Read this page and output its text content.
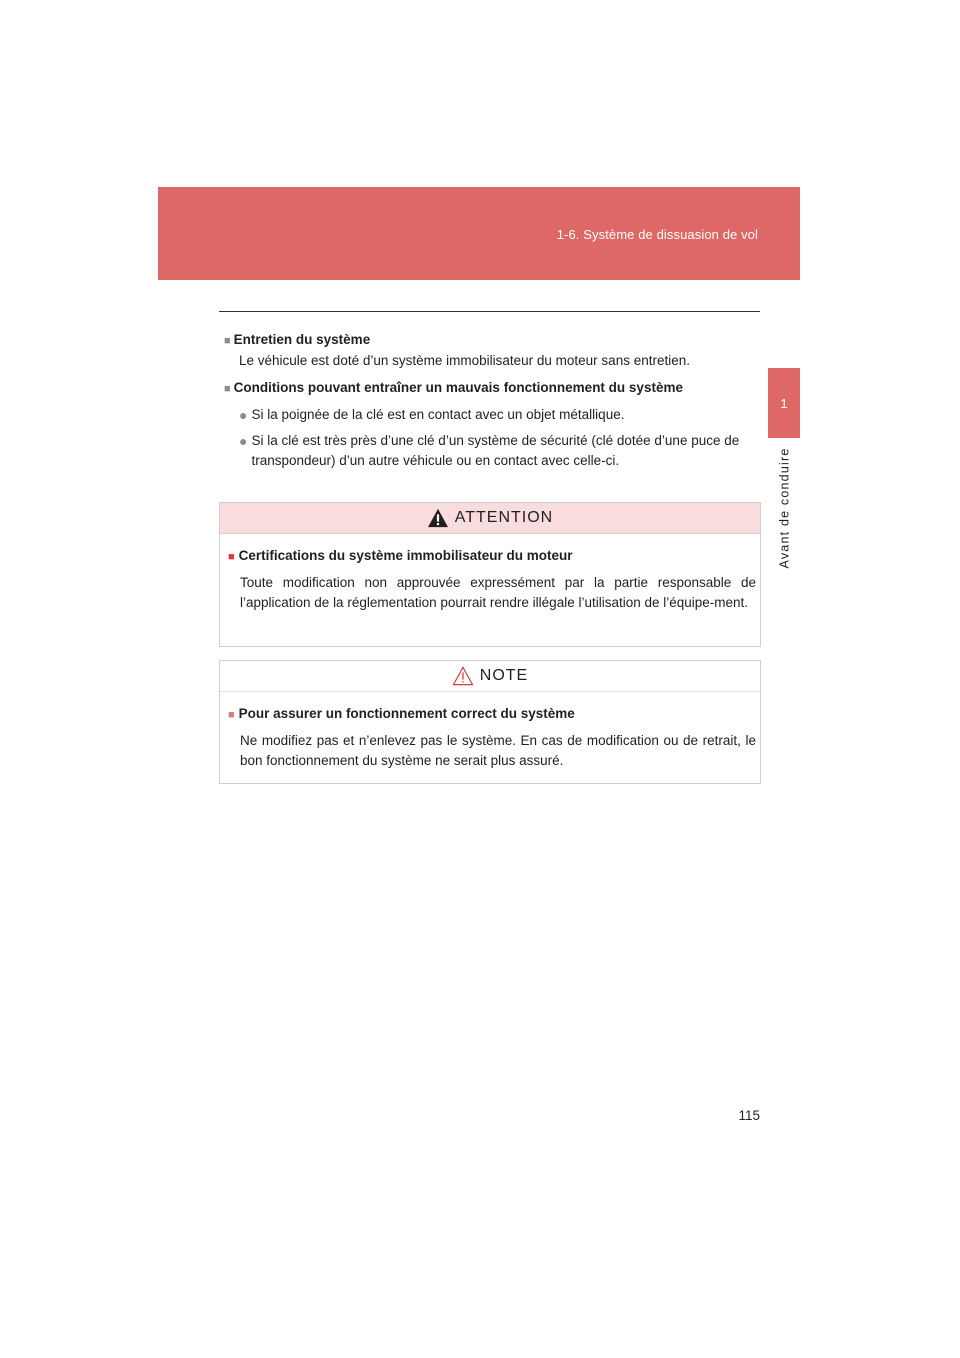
1-6. Système de dissuasion de vol
1
Avant de conduire
■ Entretien du système
Le véhicule est doté d’un système immobilisateur du moteur sans entretien.
■ Conditions pouvant entraîner un mauvais fonctionnement du système
● Si la poignée de la clé est en contact avec un objet métallique.
● Si la clé est très près d’une clé d’un système de sécurité (clé dotée d’une puce de transpondeur) d’un autre véhicule ou en contact avec celle-ci.
ATTENTION
■ Certifications du système immobilisateur du moteur
Toute modification non approuvée expressément par la partie responsable de l’application de la réglementation pourrait rendre illégale l’utilisation de l’équipe-ment.
NOTE
■ Pour assurer un fonctionnement correct du système
Ne modifiez pas et n’enlevez pas le système. En cas de modification ou de retrait, le bon fonctionnement du système ne serait plus assuré.
115
